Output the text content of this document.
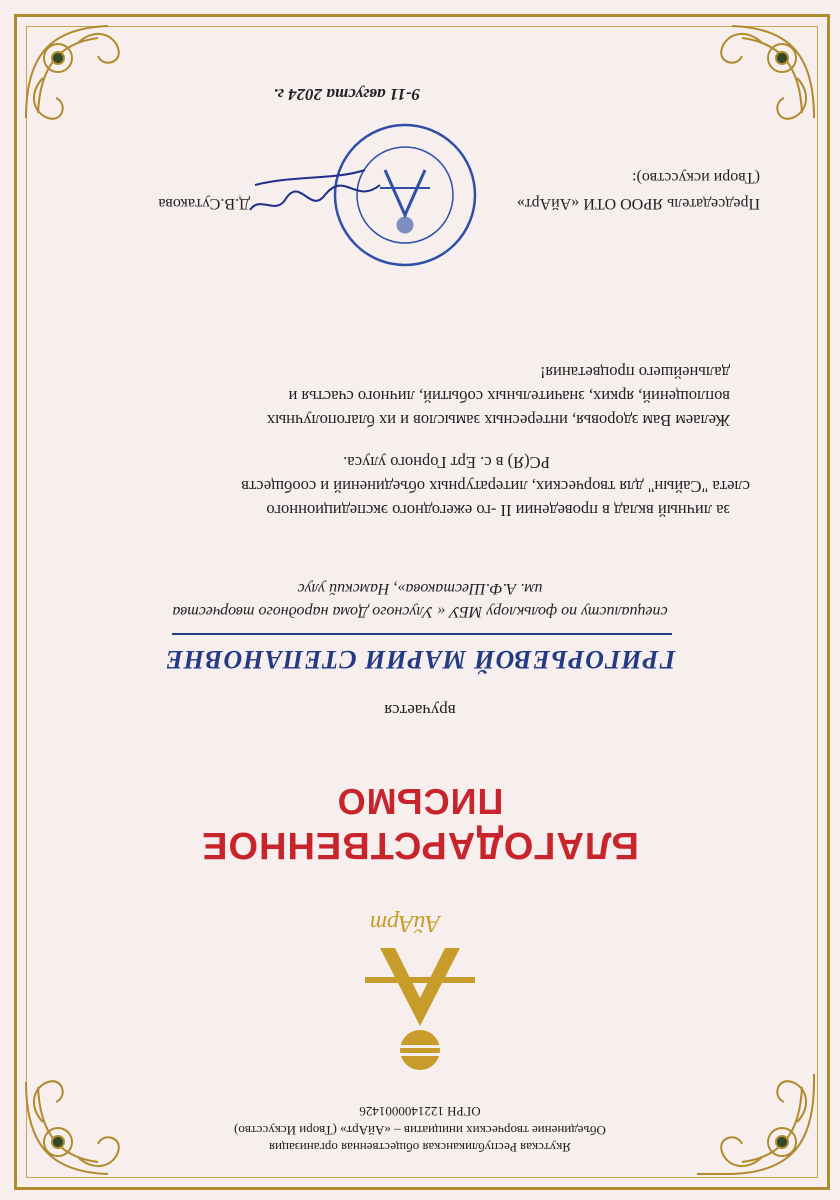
Якутская Республиканская общественная организация
Объединение творческих инициатив – «АйАрт» (Твори Искусство)
ОГРН 1221400001426
АйАрт
БЛАГОДАРСТВЕННОЕ
ПИСЬМО
вручается
ГРИГОРЬЕВОЙ МАРИИ СТЕПАНОВНЕ
специалисту по фольклору МБУ « Улусного Дома народного творчества
им. А.Ф.Шестакова», Намский улус
за личный вклад в проведении II -го ежегодного экспедиционного
слета "Сайын" для творческих, литературных объединений и сообществ
РС(Я) в с. Ерт Горного улуса.
Желаем Вам здоровья, интересных замыслов и их благополучных
воплощений, ярких, значительных событий, личного счастья и
дальнейшего процветания!
Председатель ЯРОО ОТИ «АйАрт»
(Твори искусство):
Д.В.Сутакова
9-11 августа 2024 г.
